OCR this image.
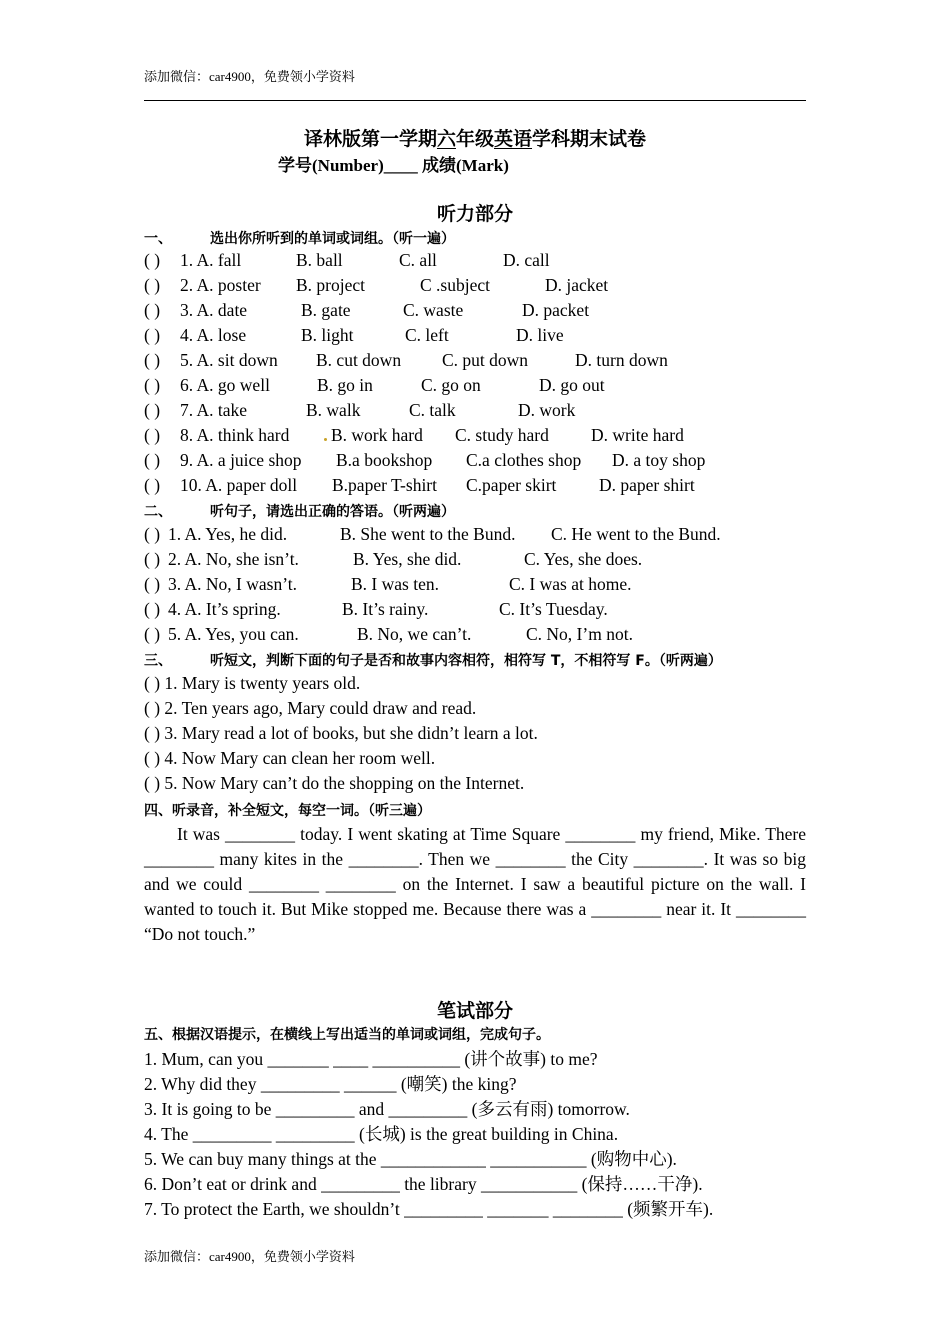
添加微信：car4900，免费领小学资料
译林版第一学期六年级英语学科期末试卷
学号(Number)____ 成绩(Mark)
听力部分
一、	选出你所听到的单词或词组。（听一遍）
( ) 1. A. fall	B. ball	C. all	D. call
( ) 2. A. poster B. project	C .subject	D. jacket
( ) 3. A. date	B. gate	C. waste	D. packet
( ) 4. A. lose	B. light	C. left	D. live
( ) 5. A. sit down B. cut down C. put down	D. turn down
( ) 6. A. go well	B. go in	C. go on	D. go out
( ) 7. A. take	B. walk	C. talk	D. work
( ) 8. A. think hard B. work hard C. study hard D. write hard
( ) 9. A. a juice shop B.a bookshop C.a clothes shop D. a toy shop
( ) 10. A. paper doll B.paper T-shirt C.paper skirt D. paper shirt
二、	听句子，请选出正确的答语。（听两遍）
( ) 1. A. Yes, he did.	B. She went to the Bund. C. He went to the Bund.
( ) 2. A. No, she isn’t.	B. Yes, she did.	C. Yes, she does.
( ) 3. A. No, I wasn’t.	B. I was ten.	C. I was at home.
( ) 4. A. It’s spring.	B. It’s rainy.	C. It’s Tuesday.
( ) 5. A. Yes, you can.	B. No, we can’t.	C. No, I’m not.
三、	听短文，判断下面的句子是否和故事内容相符，相符写 T，不相符写 F。（听两遍）
( ) 1. Mary is twenty years old.
( ) 2. Ten years ago, Mary could draw and read.
( ) 3. Mary read a lot of books, but she didn’t learn a lot.
( ) 4. Now Mary can clean her room well.
( ) 5. Now Mary can’t do the shopping on the Internet.
四、听录音，补全短文，每空一词。（听三遍）
It was ________ today. I went skating at Time Square ________ my friend, Mike. There ________ many kites in the ________. Then we ________ the City ________. It was so big and we could ________ ________ on the Internet. I saw a beautiful picture on the wall. I wanted to touch it. But Mike stopped me. Because there was a ________ near it. It ________ “Do not touch.”
笔试部分
五、根据汉语提示，在横线上写出适当的单词或词组，完成句子。
1. Mum, can you _______ ____ __________ (讲个故事) to me?
2. Why did they _________ ______ (嘲笑) the king?
3. It is going to be _________ and _________ (多云有雨) tomorrow.
4. The _________ _________ (长城) is the great building in China.
5. We can buy many things at the ____________ ___________ (购物中心).
6. Don’t eat or drink and _________ the library ___________ (保持……干净).
7. To protect the Earth, we shouldn’t _________ _______ ________ (频繁开车).
添加微信：car4900，免费领小学资料
